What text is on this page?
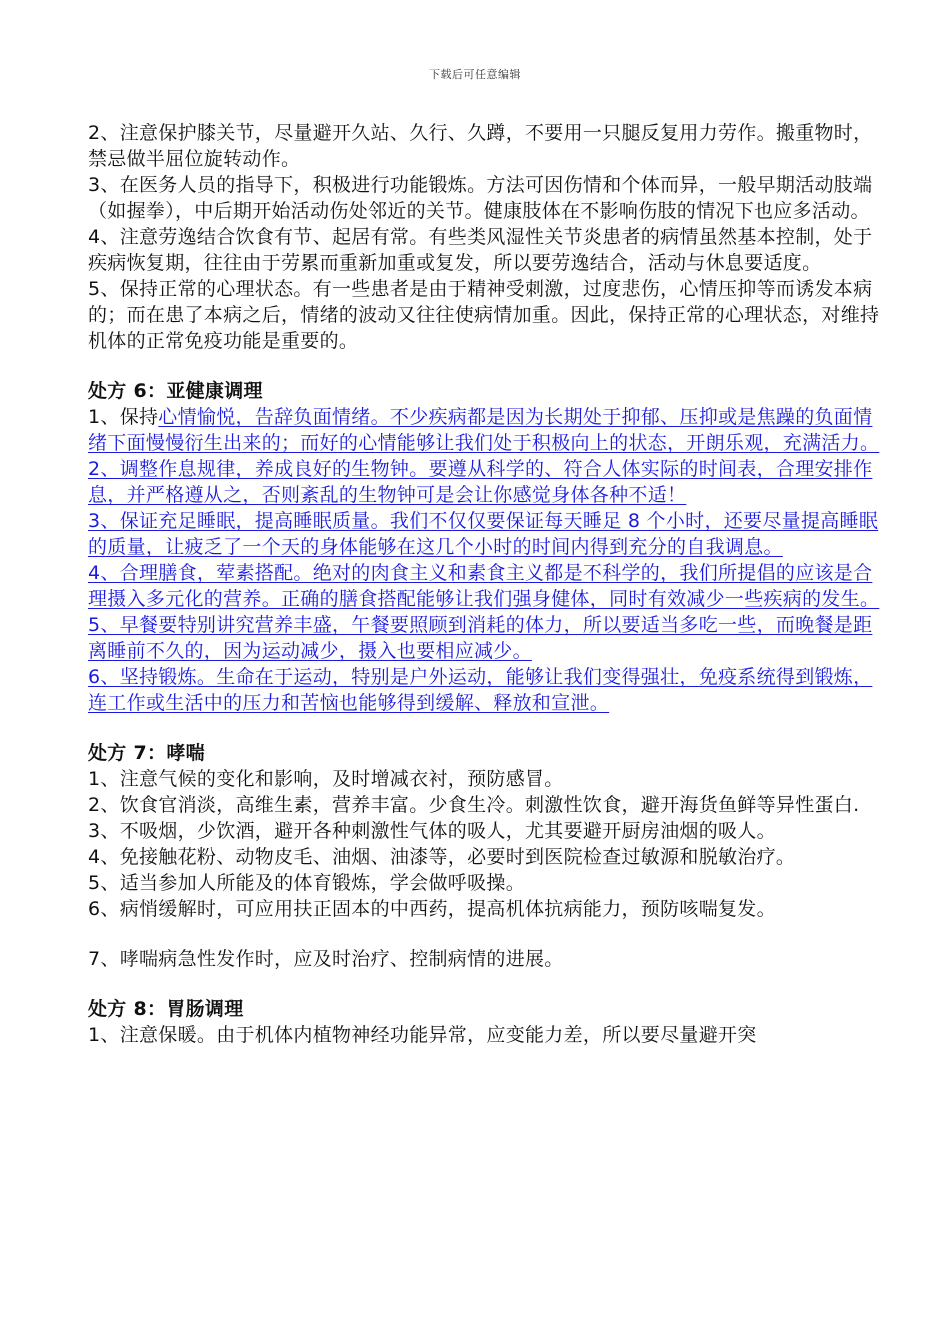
下载后可任意编辑

2、注意保护膝关节，尽量避开久站、久行、久蹲，不要用一只腿反复用力劳作。搬重物时，禁忌做半屈位旋转动作。

3、在医务人员的指导下，积极进行功能锻炼。方法可因伤情和个体而异，一般早期活动肢端（如握拳），中后期开始活动伤处邻近的关节。健康肢体在不影响伤肢的情况下也应多活动。

4、注意劳逸结合饮食有节、起居有常。有些类风湿性关节炎患者的病情虽然基本控制，处于疾病恢复期，往往由于劳累而重新加重或复发，所以要劳逸结合，活动与休息要适度。

5、保持正常的心理状态。有一些患者是由于精神受刺激，过度悲伤，心情压抑等而诱发本病的；而在患了本病之后，情绪的波动又往往使病情加重。因此，保持正常的心理状态，对维持机体的正常免疫功能是重要的。

处方 6：亚健康调理

1、保持心情愉悦，告辞负面情绪。不少疾病都是因为长期处于抑郁、压抑或是焦躁的负面情绪下面慢慢衍生出来的；而好的心情能够让我们处于积极向上的状态，开朗乐观，充满活力。

2、调整作息规律，养成良好的生物钟。要遵从科学的、符合人体实际的时间表，合理安排作息，并严格遵从之，否则紊乱的生物钟可是会让你感觉身体各种不适！

3、保证充足睡眠，提高睡眠质量。我们不仅仅要保证每天睡足 8 个小时，还要尽量提高睡眠的质量，让疲乏了一个天的身体能够在这几个小时的时间内得到充分的自我调息。

4、合理膳食，荤素搭配。绝对的肉食主义和素食主义都是不科学的，我们所提倡的应该是合理摄入多元化的营养。正确的膳食搭配能够让我们强身健体，同时有效减少一些疾病的发生。

5、早餐要特别讲究营养丰盛，午餐要照顾到消耗的体力，所以要适当多吃一些，而晚餐是距离睡前不久的，因为运动减少，摄入也要相应减少。

6、坚持锻炼。生命在于运动，特别是户外运动，能够让我们变得强壮，免疫系统得到锻炼，连工作或生活中的压力和苦恼也能够得到缓解、释放和宣泄。

处方 7：哮喘

1、注意气候的变化和影响，及时增减衣衬，预防感冒。

2、饮食官消淡，高维生素，营养丰富。少食生冷。刺激性饮食，避开海货鱼鲜等异性蛋白.

3、不吸烟，少饮酒，避开各种刺激性气体的吸人，尤其要避开厨房油烟的吸人。

4、免接触花粉、动物皮毛、油烟、油漆等，必要时到医院检查过敏源和脱敏治疗。

5、适当参加人所能及的体育锻炼，学会做呼吸操。

6、病悄缓解时，可应用扶正固本的中西药，提高机体抗病能力，预防咳喘复发。

7、哮喘病急性发作时，应及时治疗、控制病情的进展。

处方 8：胃肠调理

1、注意保暖。由于机体内植物神经功能异常，应变能力差，所以要尽量避开突
